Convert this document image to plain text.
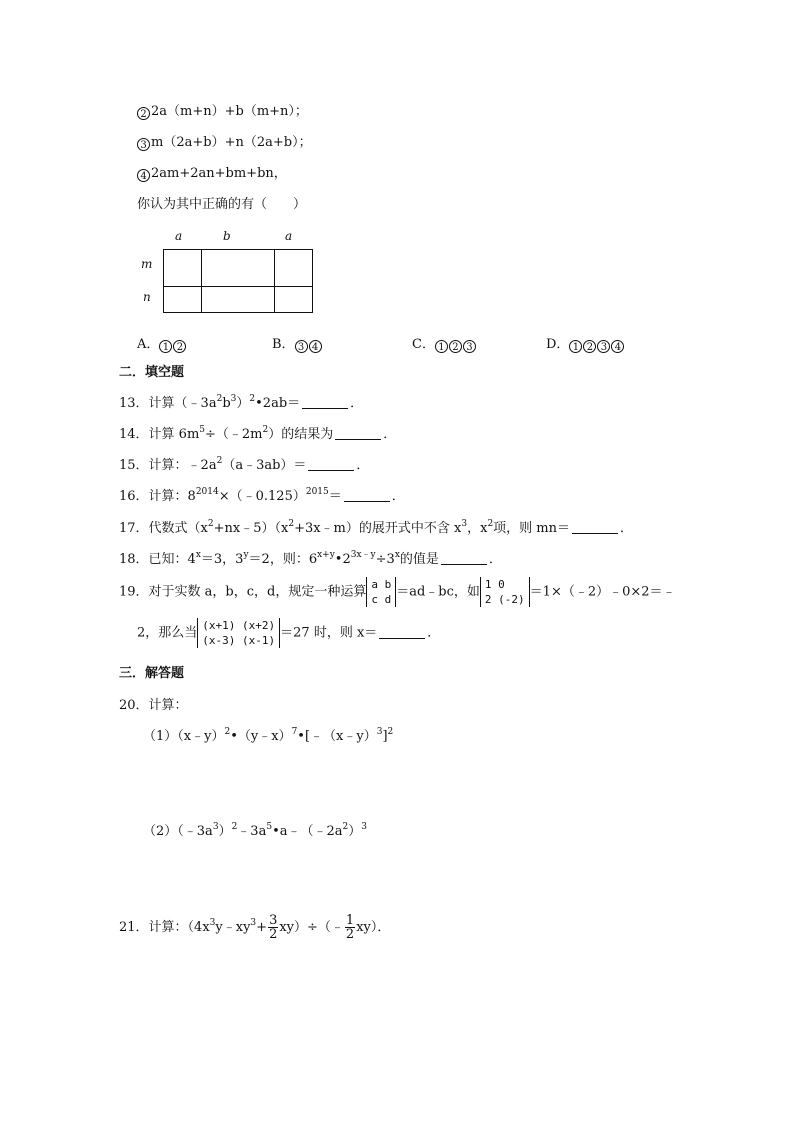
2 2a（m+n）+b（m+n）；
3 m（2a+b）+n（2a+b）；
4 2am+2an+bm+bn，
你认为其中正确的有（　　）
a	b	a
m
n

A． 1 2	B． 3 4	C． 1 2 3	D． 1 2 3 4
二．填空题
13．计算$(﹣3a^2b^3)^2•2ab=$	．
14．计算 $6m^5\div(﹣2m^2)$的结果为	．
15．计算：$﹣2a^2(a﹣3ab)=$	．
16．计算：$8^{2014}\times(﹣0.125)^{2015}=$	．
17．代数式$(x^2+nx﹣5)(x^2+3x﹣m)$的展开式中不含 $x^3$，$x^2$项，则 mn＝	．
18．已知：$4^x=3$，$3^y=2$，则：$6^{x+y}•2^{3x﹣y}\div 3^x$的值是	．
19．对于实数 a，b，c，d，规定一种运算 a b
c d ＝ad﹣bc，如 1 0
2 (-2) ＝1×（﹣2）﹣0×2＝﹣
2，那么当 (x+1) (x+2)
(x-3) (x-1) ＝27 时，则 x＝	．
三．解答题
20．计算：
（1）（x﹣y）$^2$•（y﹣x）$^7$•[﹣（x﹣y）$^3$]$^2$
$(2)(﹣3a^3)^2﹣3a^5•a﹣(﹣2a^2)^3$
21．计算：（$4x^3y﹣xy^3+ \frac{3}{2}$ xy）÷（﹣ $\frac{1}{2} xy$）．
